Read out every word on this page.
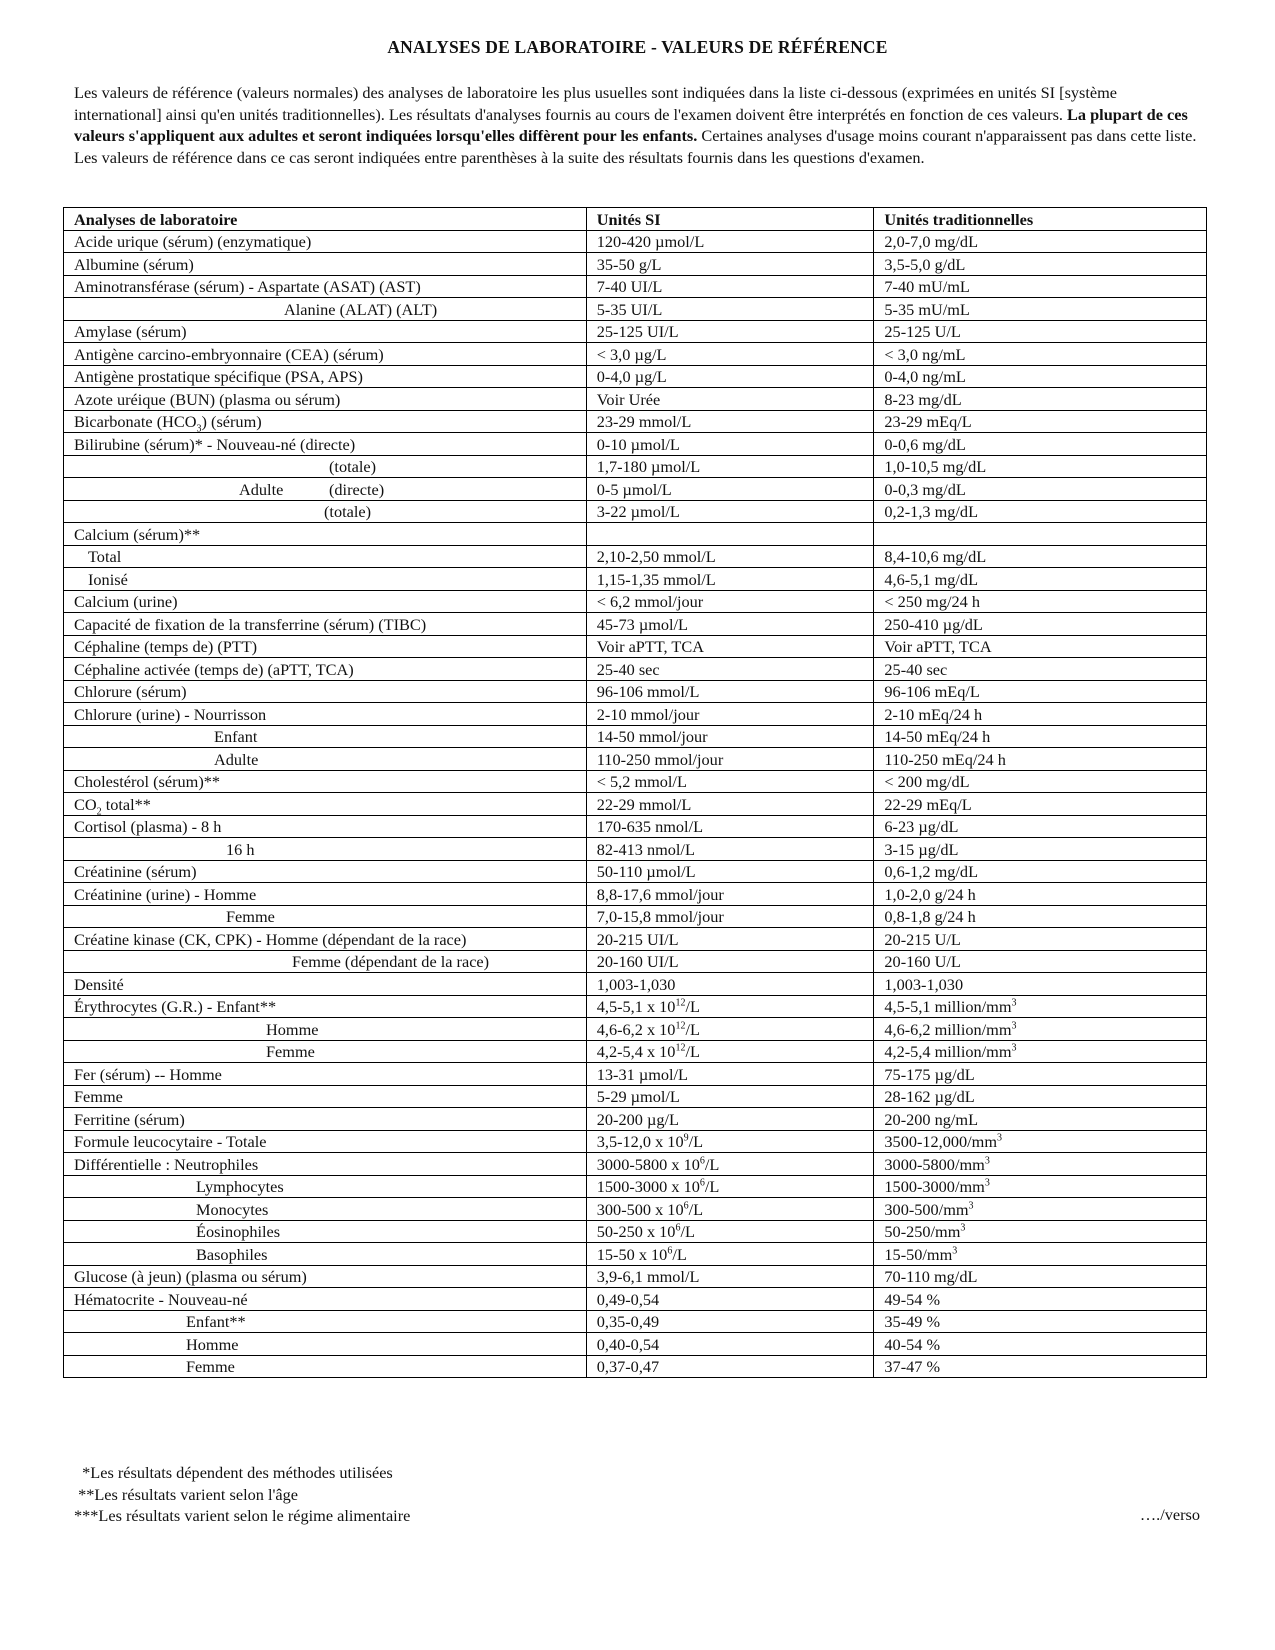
ANALYSES DE LABORATOIRE - VALEURS DE RÉFÉRENCE
Les valeurs de référence (valeurs normales) des analyses de laboratoire les plus usuelles sont indiquées dans la liste ci-dessous (exprimées en unités SI [système international] ainsi qu'en unités traditionnelles). Les résultats d'analyses fournis au cours de l'examen doivent être interprétés en fonction de ces valeurs. La plupart de ces valeurs s'appliquent aux adultes et seront indiquées lorsqu'elles diffèrent pour les enfants. Certaines analyses d'usage moins courant n'apparaissent pas dans cette liste. Les valeurs de référence dans ce cas seront indiquées entre parenthèses à la suite des résultats fournis dans les questions d'examen.
Analyses de laboratoire	Unités SI	Unités traditionnelles
Acide urique (sérum) (enzymatique)	120-420 µmol/L	2,0-7,0 mg/dL
Albumine (sérum)	35-50 g/L	3,5-5,0 g/dL
Aminotransférase (sérum) - Aspartate (ASAT) (AST)	7-40 UI/L	7-40 mU/mL
Alanine (ALAT) (ALT)	5-35 UI/L	5-35 mU/mL
Amylase (sérum)	25-125 UI/L	25-125 U/L
Antigène carcino-embryonnaire (CEA) (sérum)	< 3,0 µg/L	< 3,0 ng/mL
Antigène prostatique spécifique (PSA, APS)	0-4,0 µg/L	0-4,0 ng/mL
Azote uréique (BUN) (plasma ou sérum)	Voir Urée	8-23 mg/dL
Bicarbonate $(HCO_3)$ (sérum)	23-29 mmol/L	23-29 mEq/L
Bilirubine (sérum)* - Nouveau-né (directe)	0-10 µmol/L	0-0,6 mg/dL
(totale)	1,7-180 µmol/L	1,0-10,5 mg/dL
Adulte (directe)	0-5 µmol/L	0-0,3 mg/dL
(totale)	3-22 µmol/L	0,2-1,3 mg/dL
Calcium (sérum)**		
Total	2,10-2,50 mmol/L	8,4-10,6 mg/dL
Ionisé	1,15-1,35 mmol/L	4,6-5,1 mg/dL
Calcium (urine)	< 6,2 mmol/jour	< 250 mg/24 h
Capacité de fixation de la transferrine (sérum) (TIBC)	45-73 µmol/L	250-410 µg/dL
Céphaline (temps de) (PTT)	Voir aPTT, TCA	Voir aPTT, TCA
Céphaline activée (temps de) (aPTT, TCA)	25-40 sec	25-40 sec
Chlorure (sérum)	96-106 mmol/L	96-106 mEq/L
Chlorure (urine) - Nourrisson	2-10 mmol/jour	2-10 mEq/24 h
Enfant	14-50 mmol/jour	14-50 mEq/24 h
Adulte	110-250 mmol/jour	110-250 mEq/24 h
Cholestérol (sérum)**	< 5,2 mmol/L	< 200 mg/dL
$CO_2$ total**	22-29 mmol/L	22-29 mEq/L
Cortisol (plasma) - 8 h	170-635 nmol/L	6-23 µg/dL
16 h	82-413 nmol/L	3-15 µg/dL
Créatinine (sérum)	50-110 µmol/L	0,6-1,2 mg/dL
Créatinine (urine) - Homme	8,8-17,6 mmol/jour	1,0-2,0 g/24 h
Femme	7,0-15,8 mmol/jour	0,8-1,8 g/24 h
Créatine kinase (CK, CPK) - Homme (dépendant de la race)	20-215 UI/L	20-215 U/L
Femme (dépendant de la race)	20-160 UI/L	20-160 U/L
Densité	1,003-1,030	1,003-1,030
Érythrocytes (G.R.) - Enfant**	4,5-5,1 x $10^{12}/L$	4,5-5,1 million/$mm^3$
Homme	4,6-6,2 x $10^{12}/L$	4,6-6,2 million/$mm^3$
Femme	4,2-5,4 x $10^{12}/L$	4,2-5,4 million/$mm^3$
Fer (sérum) -- Homme	13-31 µmol/L	75-175 µg/dL
Femme	5-29 µmol/L	28-162 µg/dL
Ferritine (sérum)	20-200 µg/L	20-200 ng/mL
Formule leucocytaire - Totale	3,5-12,0 x $10^9/L$	$3500-12,000/mm^3$
Différentielle : Neutrophiles	3000-5800 x $10^6/L$	$3000-5800/mm^3$
Lymphocytes	1500-3000 x $10^6/L$	$1500-3000/mm^3$
Monocytes	300-500 x $10^6/L$	$300-500/mm^3$
Éosinophiles	50-250 x $10^6/L$	$50-250/mm^3$
Basophiles	15-50 x $10^6/L$	$15-50/mm^3$
Glucose (à jeun) (plasma ou sérum)	3,9-6,1 mmol/L	70-110 mg/dL
Hématocrite - Nouveau-né	0,49-0,54	49-54 %
Enfant**	0,35-0,49	35-49 %
Homme	0,40-0,54	40-54 %
Femme	0,37-0,47	37-47 %
*Les résultats dépendent des méthodes utilisées
**Les résultats varient selon l'âge
***Les résultats varient selon le régime alimentaire	…./verso
